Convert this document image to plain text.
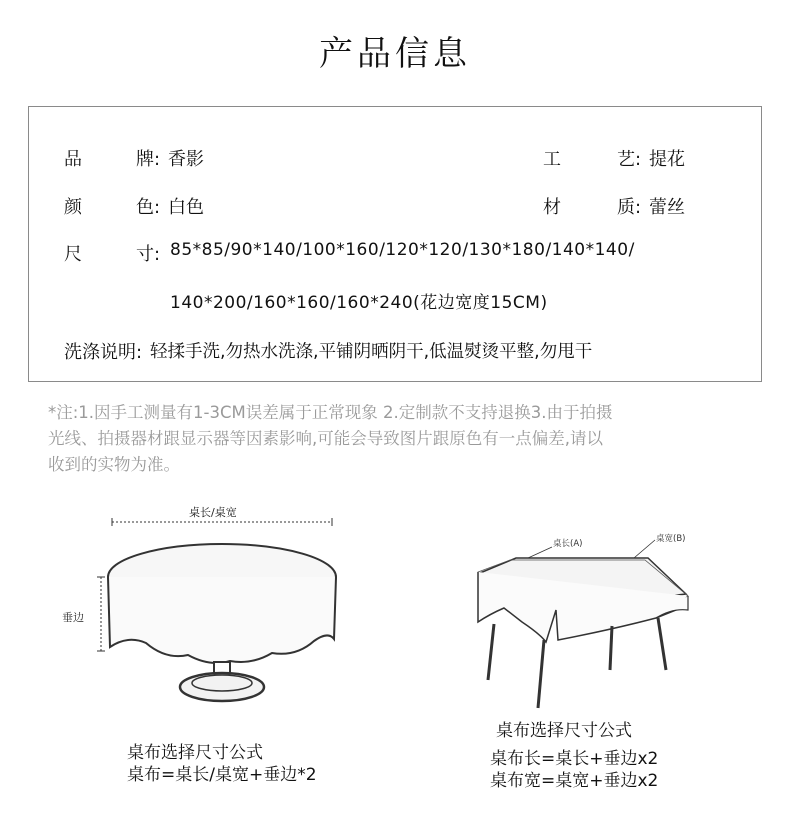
产品信息
品	牌: 香影	工	艺: 提花
颜	色: 白色	材	质: 蕾丝
尺	寸: 85*85/90*140/100*160/120*120/130*180/140*140/
140*200/160*160/160*240(花边宽度15CM)
洗涤说明: 轻揉手洗,勿热水洗涤,平铺阴晒阴干,低温熨烫平整,勿甩干
*注:1.因手工测量有1-3CM误差属于正常现象 2.定制款不支持退换3.由于拍摄
光线、拍摄器材跟显示器等因素影响,可能会导致图片跟原色有一点偏差,请以
收到的实物为准。
桌长/桌宽
垂边
桌布选择尺寸公式
桌布=桌长/桌宽+垂边*2
桌长(A)	桌宽(B)
桌布选择尺寸公式
桌布长=桌长+垂边x2
桌布宽=桌宽+垂边x2
